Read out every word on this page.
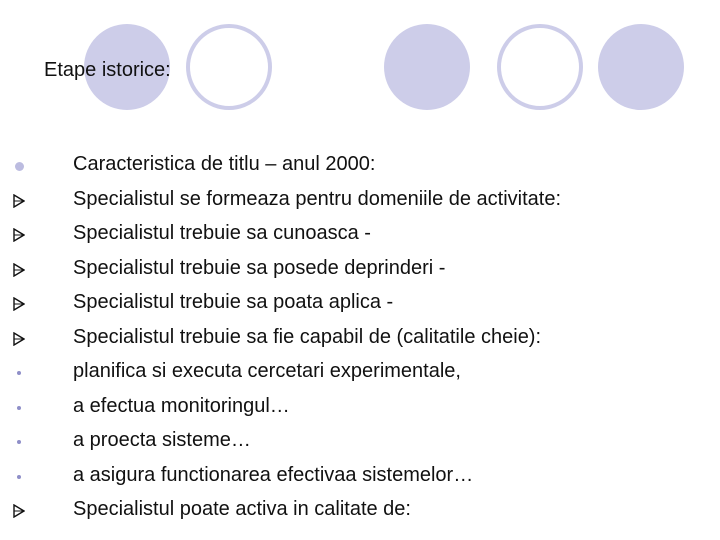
Etape istorice:
Caracteristica de titlu – anul 2000:
Specialistul se formeaza pentru domeniile de activitate:
Specialistul trebuie sa cunoasca -
Specialistul trebuie sa posede deprinderi -
Specialistul trebuie sa poata aplica -
Specialistul trebuie sa fie capabil de (calitatile cheie):
planifica si executa cercetari experimentale,
a efectua monitoringul…
a proecta sisteme…
a asigura functionarea efectivaa sistemelor…
Specialistul poate activa in calitate de:
